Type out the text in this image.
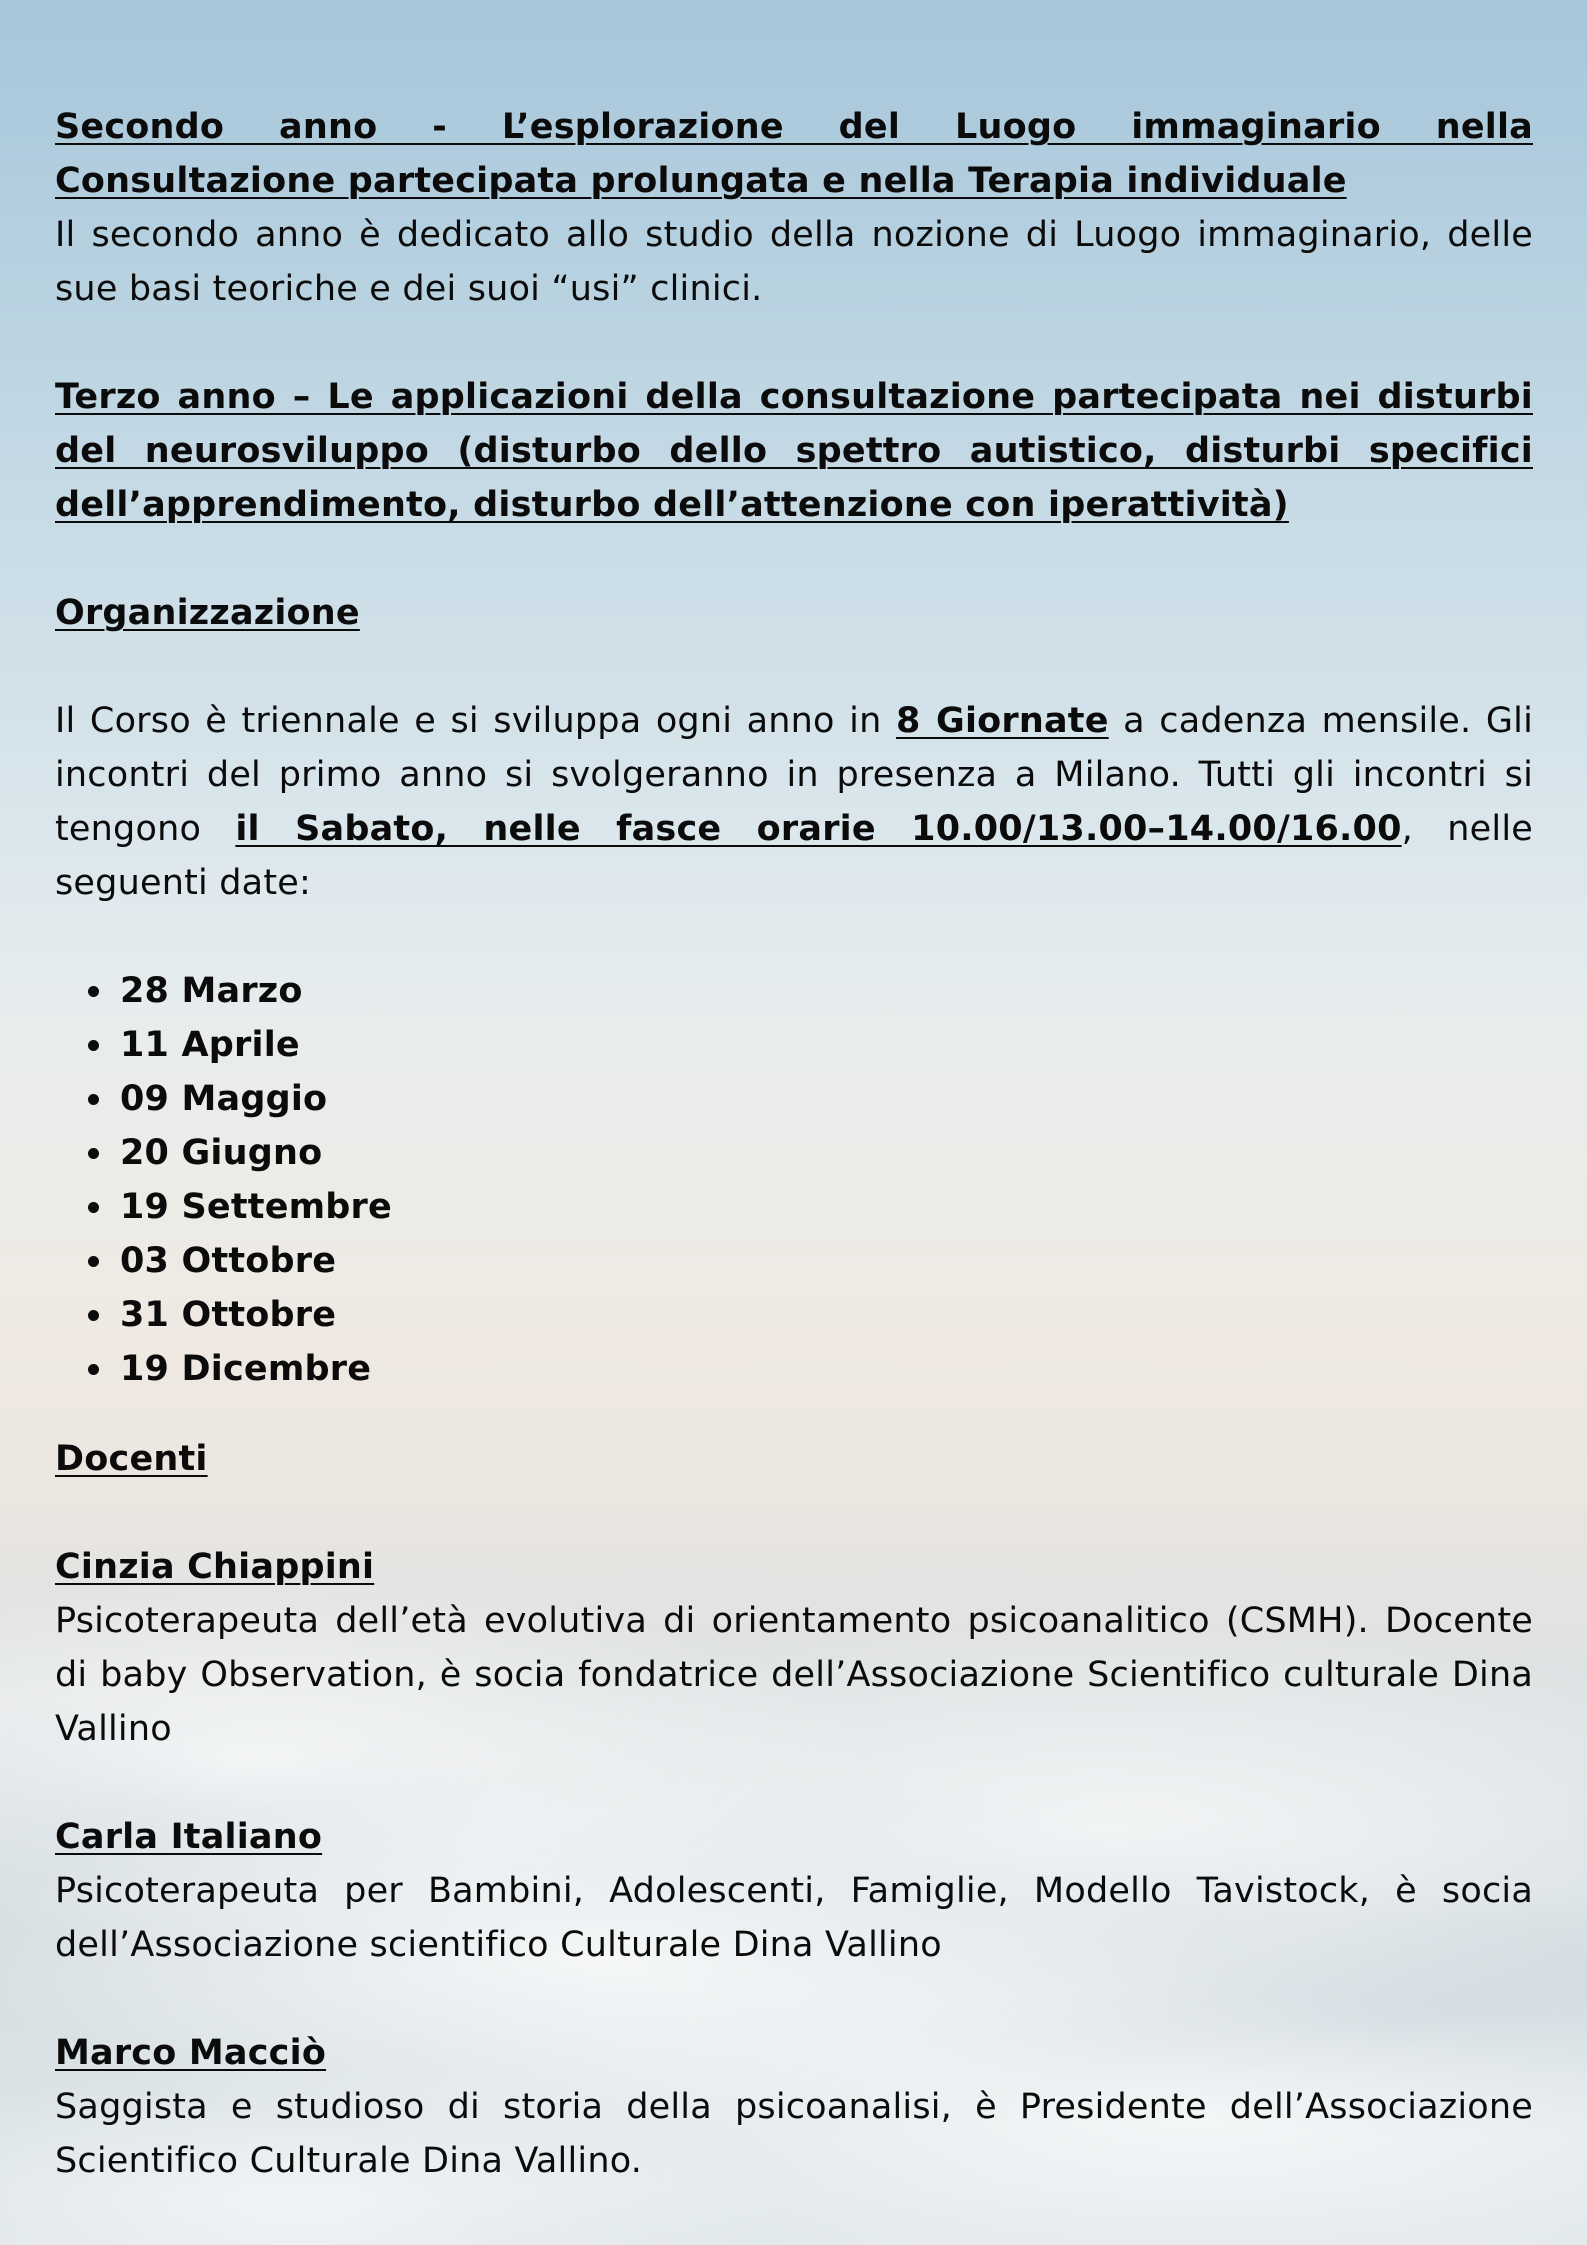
Secondo anno - L’esplorazione del Luogo immaginario nella
Consultazione partecipata prolungata e nella Terapia individuale
Il secondo anno è dedicato allo studio della nozione di Luogo immaginario, delle sue basi teoriche e dei suoi “usi” clinici.
Terzo anno – Le applicazioni della consultazione partecipata nei disturbi del neurosviluppo (disturbo dello spettro autistico, disturbi specifici dell’apprendimento, disturbo dell’attenzione con iperattività)
Organizzazione
Il Corso è triennale e si sviluppa ogni anno in 8 Giornate a cadenza mensile. Gli incontri del primo anno si svolgeranno in presenza a Milano. Tutti gli incontri si tengono il Sabato, nelle fasce orarie 10.00/13.00–14.00/16.00, nelle seguenti date:
28 Marzo
11 Aprile
09 Maggio
20 Giugno
19 Settembre
03 Ottobre
31 Ottobre
19 Dicembre
Docenti
Cinzia Chiappini
Psicoterapeuta dell’età evolutiva di orientamento psicoanalitico (CSMH). Docente di baby Observation, è socia fondatrice dell’Associazione Scientifico culturale Dina Vallino
Carla Italiano
Psicoterapeuta per Bambini, Adolescenti, Famiglie, Modello Tavistock, è socia dell’Associazione scientifico Culturale Dina Vallino
Marco Macciò
Saggista e studioso di storia della psicoanalisi, è Presidente dell’Associazione Scientifico Culturale Dina Vallino.
